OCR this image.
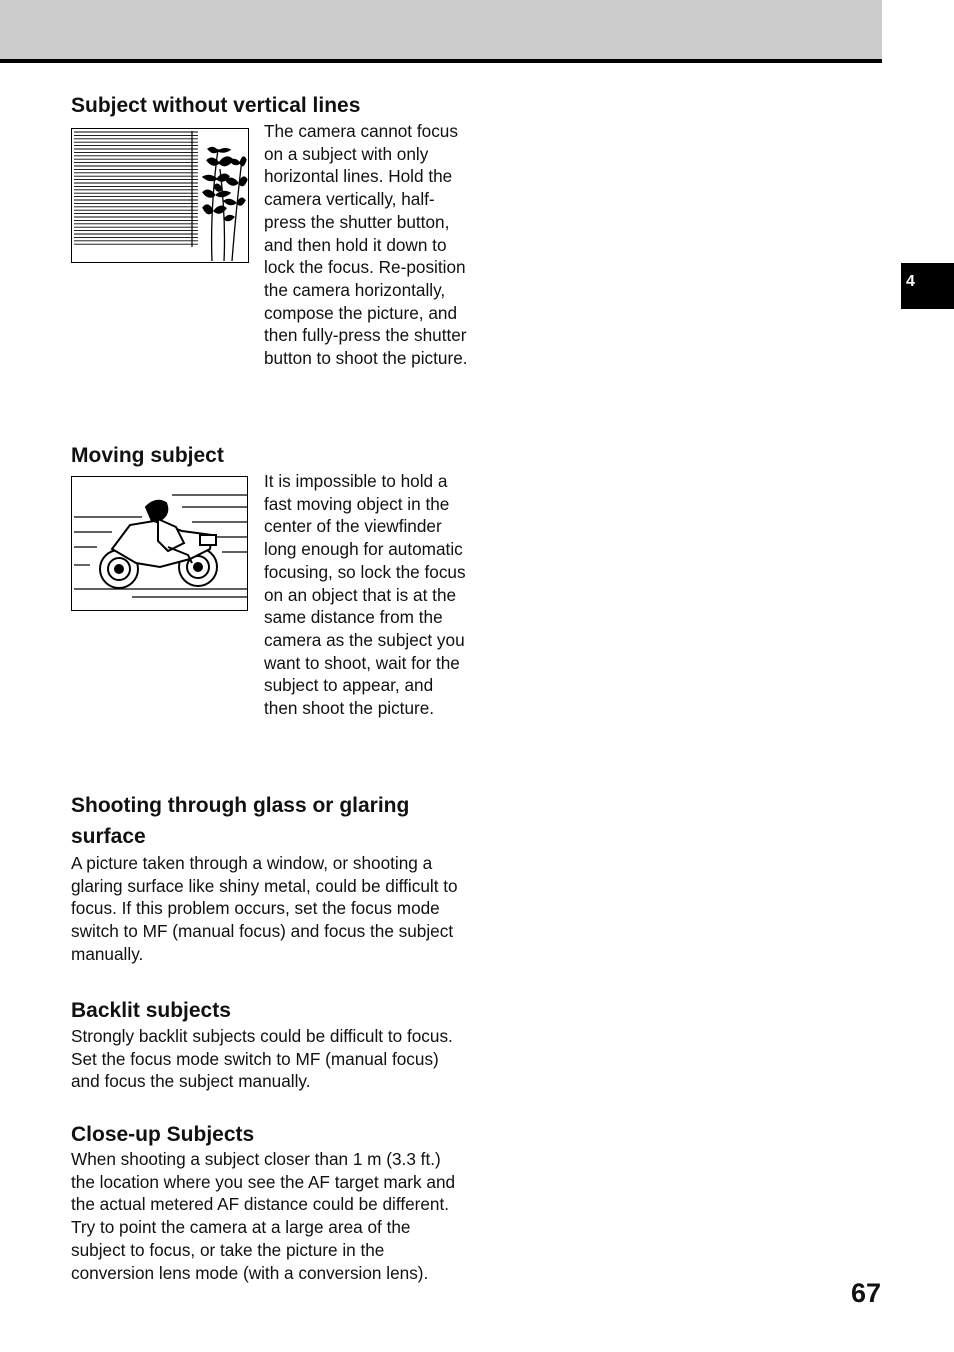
4
Subject without vertical lines

The camera cannot focus on a subject with only horizontal lines. Hold the camera vertically, half-press the shutter button, and then hold it down to lock the focus. Re-position the camera horizontally, compose the picture, and then fully-press the shutter button to shoot the picture.

Moving subject

It is impossible to hold a fast moving object in the center of the viewfinder long enough for automatic focusing, so lock the focus on an object that is at the same distance from the camera as the subject you want to shoot, wait for the subject to appear, and then shoot the picture.

Shooting through glass or glaring surface

A picture taken through a window, or shooting a glaring surface like shiny metal, could be difficult to focus. If this problem occurs, set the focus mode switch to MF (manual focus) and focus the subject manually.

Backlit subjects

Strongly backlit subjects could be difficult to focus. Set the focus mode switch to MF (manual focus) and focus the subject manually.

Close-up Subjects

When shooting a subject closer than 1 m (3.3 ft.) the location where you see the AF target mark and the actual metered AF distance could be different. Try to point the camera at a large area of the subject to focus, or take the picture in the conversion lens mode (with a conversion lens).

67
